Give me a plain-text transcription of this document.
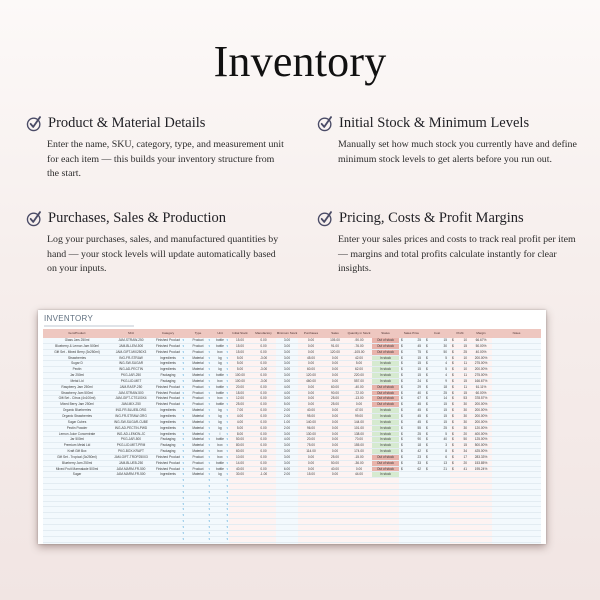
Inventory
Product & Material Details
Enter the name, SKU, category, type, and measurement unit for each item — this builds your inventory structure from the start.
Initial Stock & Minimum Levels
Manually set how much stock you currently have and define minimum stock levels to get alerts before you run out.
Purchases, Sales & Production
Log your purchases, sales, and manufactured quantities by hand — your stock levels will update automatically based on your inputs.
Pricing, Costs & Profit Margins
Enter your sales prices and costs to track real profit per item — margins and total profits calculate instantly for clear insights.
INVENTORY
Item/Product	SKU	Category	Type	Unit	Initial Stock	Manufactory	Minimum Stock	Purchases	Sales	Quantity in Stock	Status	Sales Price	Cost	Profit	Margin	Notes
Glass Jars 250ml	JAM-STRAW-250	Finished Product ▾	Product ▾	bottle ▾	15.00	0.00	3.00	0.00	105.00	-90.00	Out of stock	$	25	$	15	$	10	66.67%
Blueberry & Lemon Jam 500ml	JAM-BLLEM-500	Finished Product ▾	Product ▾	bottle ▾	15.00	0.00	3.00	0.00	91.00	-76.00	Out of stock	$	45	$	30	$	15	50.00%
Gift Set - Mixed Berry (3x250ml)	JAM-GIFT-MIX250X3	Finished Product ▾	Product ▾	box ▾	15.00	0.00	3.00	0.00	120.00	-105.00	Out of stock	$	75	$	50	$	25	40.00%
Strawberries	ING-FR-STRAW	Ingredients ▾	Material ▾	kg ▾	5.00	-3.00	3.00	45.00	0.00	42.00	In stock	$	15	$	5	$	10	200.00%
Sugar D	ING-SW-SUGAR	Ingredients ▾	Material ▾	kg ▾	5.00	0.00	3.00	0.00	0.00	5.00	In stock	$	15	$	4	$	11	275.00%
Pectin	ING-AD-PECTIN	Ingredients ▾	Material ▾	kg ▾	5.00	-3.00	3.00	60.00	0.00	62.00	In stock	$	15	$	5	$	10	200.00%
Jar 250ml	PKG-JAR-250	Packaging ▾	Material ▾	bottle ▾	100.00	0.00	3.00	120.00	0.00	220.00	In stock	$	15	$	4	$	11	275.00%
Metal Lid	PKG-LID-MET	Packaging ▾	Material ▾	box ▾	100.00	-3.00	3.00	460.00	0.00	557.00	In stock	$	24	$	9	$	15	166.67%
Raspberry Jam 250ml	JAM-RASP-250	Finished Product ▾	Product ▾	bottle ▾	20.00	0.00	4.00	0.00	60.00	-40.00	Out of stock	$	29	$	18	$	11	61.11%
Strawberry Jam 500ml	JAM-STRAW-500	Finished Product ▾	Product ▾	bottle ▾	18.00	0.00	4.00	0.00	90.00	-72.00	Out of stock	$	40	$	25	$	15	60.00%
Gift Set - Citrus (4x100ml)	JAM-GIFT-CTS100X4	Finished Product ▾	Product ▾	box ▾	12.00	0.00	3.00	0.00	25.00	-13.00	Out of stock	$	67	$	14	$	53	378.57%
Mixed Berry Jam 250ml	JAM-MIX-250	Finished Product ▾	Product ▾	bottle ▾	25.00	0.00	5.00	0.00	25.00	0.00	Out of stock	$	45	$	15	$	30	200.00%
Organic Blueberries	ING-FR-BLUEB-ORG	Ingredients ▾	Material ▾	kg ▾	7.00	0.00	2.00	40.00	0.00	47.00	In stock	$	45	$	15	$	30	200.00%
Organic Strawberries	ING-FR-STRAW-ORG	Ingredients ▾	Material ▾	kg ▾	4.00	0.00	2.00	95.00	0.00	99.00	In stock	$	45	$	15	$	30	200.00%
Sugar Cubes	ING-SW-SUGAR-CUBE	Ingredients ▾	Material ▾	kg ▾	4.00	0.00	1.00	140.00	0.00	144.00	In stock	$	45	$	15	$	30	200.00%
Pectin Powder	ING-AD-PECTIN-PWD	Ingredients ▾	Material ▾	kg ▾	5.00	0.00	2.00	96.00	0.00	101.00	In stock	$	55	$	25	$	30	120.00%
Lemon Juice Concentrate	ING-AD-LEMON-JC	Ingredients ▾	Material ▾	l ▾	8.00	0.00	3.00	130.00	0.00	138.00	In stock	$	25	$	5	$	20	400.00%
Jar 500ml	PKG-JAR-500	Packaging ▾	Material ▾	bottle ▾	50.00	0.00	4.00	20.00	0.00	70.00	In stock	$	90	$	40	$	50	125.00%
Premium Metal Lid	PKG-LID-MET-PRM	Packaging ▾	Material ▾	box ▾	80.00	0.00	3.00	75.00	0.00	155.00	In stock	$	18	$	3	$	15	500.00%
Kraft Gift Box	PKG-BOX-KRAFT	Packaging ▾	Material ▾	box ▾	60.00	0.00	3.00	114.00	0.00	174.00	In stock	$	42	$	8	$	34	425.00%
Gift Set - Tropical (3x250ml)	JAM-GIFT-TROP250X3	Finished Product ▾	Product ▾	box ▾	10.00	0.00	3.00	0.00	25.00	-15.00	Out of stock	$	23	$	6	$	17	283.33%
Blueberry Jam 250ml	JAM-BLUEB-250	Finished Product ▾	Product ▾	bottle ▾	14.00	0.00	3.00	0.00	50.00	-36.00	Out of stock	$	33	$	13	$	20	153.85%
Mixed Fruit Marmalade 500ml	JAM-MARM-FR-500	Finished Product ▾	Product ▾	bottle ▾	40.00	0.00	6.00	0.00	40.00	0.00	Out of stock	$	62	$	21	$	41	195.24%
Sugar	JAM-MARM-FR-500	Ingredients ▾	Material ▾	kg ▾	30.00	-1.00	2.00	15.00	0.00	44.00	In stock
▾
▾
▾
▾
▾
▾
▾
▾
▾
▾
▾
▾
▾
▾
▾
▾
▾
▾
▾
▾
▾
▾
▾
▾
▾
▾
▾
▾
▾
▾
▾
▾
▾
▾
▾
▾
